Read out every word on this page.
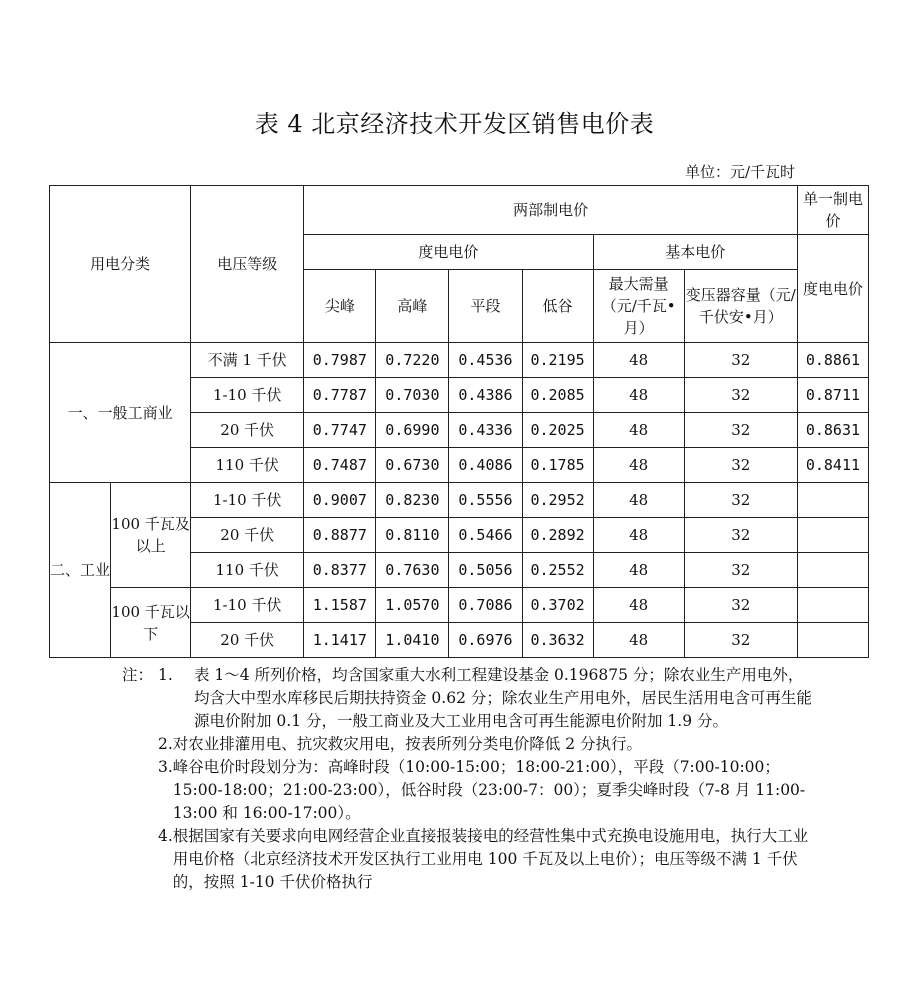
表 4 北京经济技术开发区销售电价表
单位：元/千瓦时
用电分类		电压等级	两部制电价						单一制电价
			度电电价				基本电价		度电电价
			尖峰	高峰	平段	低谷	最大需量（元/千瓦•月）	变压器容量（元/千伏安•月）	
一、一般工商业		不满 1 千伏	0.7987	0.7220	0.4536	0.2195	48	32	0.8861
		1-10 千伏	0.7787	0.7030	0.4386	0.2085	48	32	0.8711
		20 千伏	0.7747	0.6990	0.4336	0.2025	48	32	0.8631
		110 千伏	0.7487	0.6730	0.4086	0.1785	48	32	0.8411
二、工业	100 千瓦及以上	1-10 千伏	0.9007	0.8230	0.5556	0.2952	48	32	
		20 千伏	0.8877	0.8110	0.5466	0.2892	48	32	
		110 千伏	0.8377	0.7630	0.5056	0.2552	48	32	
	100 千瓦以下	1-10 千伏	1.1587	1.0570	0.7086	0.3702	48	32	
		20 千伏	1.1417	1.0410	0.6976	0.3632	48	32	
注： 1.	表 1～4 所列价格，均含国家重大水利工程建设基金 0.196875 分；除农业生产用电外，均含大中型水库移民后期扶持资金 0.62 分；除农业生产用电外，居民生活用电含可再生能源电价附加 0.1 分，一般工商业及大工业用电含可再生能源电价附加 1.9 分。
2. 对农业排灌用电、抗灾救灾用电，按表所列分类电价降低 2 分执行。
3. 峰谷电价时段划分为：高峰时段（10:00-15:00；18:00-21:00），平段（7:00-10:00；15:00-18:00；21:00-23:00），低谷时段（23:00-7：00）；夏季尖峰时段（7-8 月 11:00-13:00 和 16:00-17:00）。
4. 根据国家有关要求向电网经营企业直接报装接电的经营性集中式充换电设施用电，执行大工业用电价格（北京经济技术开发区执行工业用电 100 千瓦及以上电价）；电压等级不满 1 千伏的，按照 1-10 千伏价格执行
